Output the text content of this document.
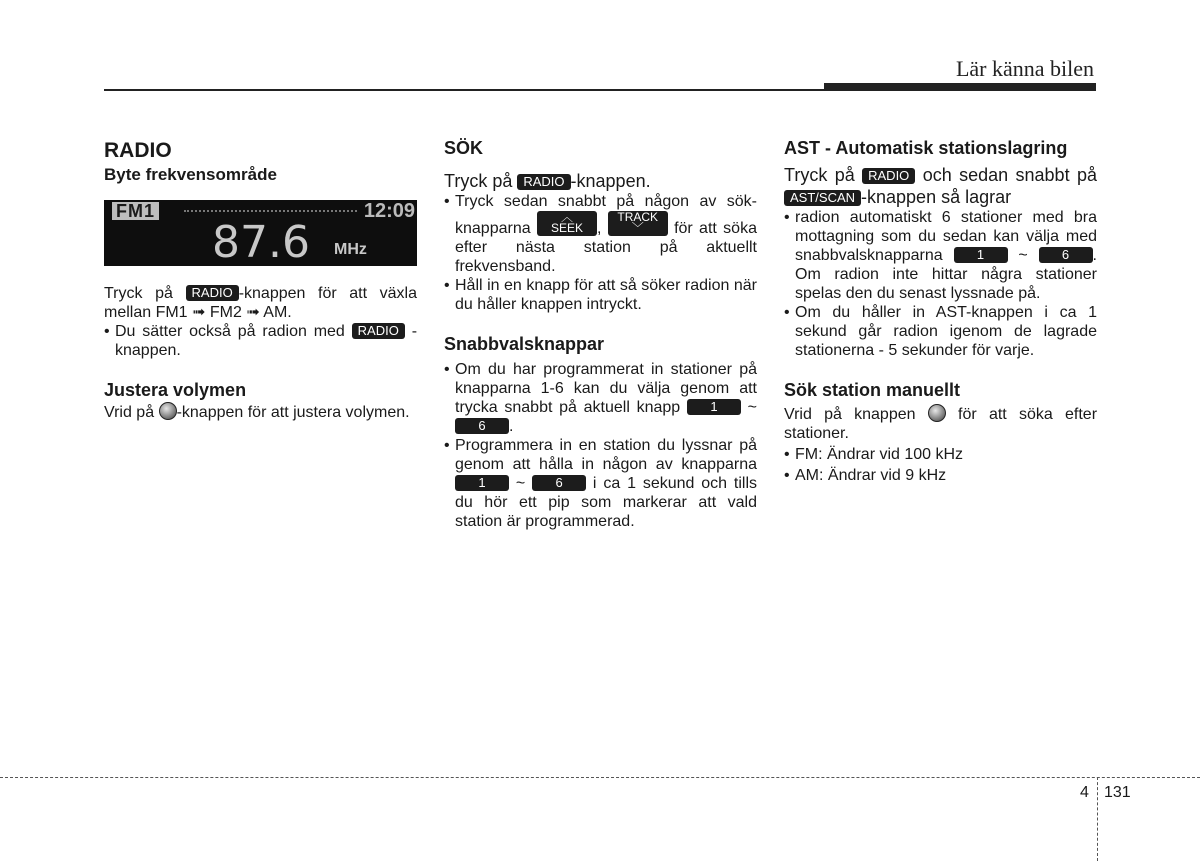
Lär känna bilen
RADIO
Byte frekvensområde
FM1	12:09
87.6 MHz

Tryck på RADIO -knappen för att växla mellan FM1 ➟ FM2 ➟ AM.

• Du sätter också på radion med RADIO -knappen.
Justera volymen

Vrid på -knappen för att justera volymen.

SÖK

Tryck på RADIO -knappen.

• Tryck sedan snabbt på någon av sök-knapparna ︿
SEEK , TRACK
﹀ för att söka efter nästa station på aktuellt frekvensband.
• Håll in en knapp för att så söker radion när du håller knappen intryckt.
Snabbvalsknappar
• Om du har programmerat in stationer på knapparna 1-6 kan du välja genom att trycka snabbt på aktuell knapp 1 ~ 6 .
• Programmera in en station du lyssnar på genom att hålla in någon av knapparna 1 ~ 6 i ca 1 sekund och tills du hör ett pip som markerar att vald station är programmerad.
AST - Automatisk stationslagring

Tryck på RADIO och sedan snabbt på AST/SCAN -knappen så lagrar

• radion automatiskt 6 stationer med bra mottagning som du sedan kan välja med snabbvalsknapparna	1 ~	6 . Om radion inte hittar några stationer spelas den du senast lyssnade på.
• Om du håller in AST-knappen i ca 1 sekund går radion igenom de lagrade stationerna - 5 sekunder för varje.
Sök station manuellt

Vrid på knappen	för att söka efter stationer.

• FM: Ändrar vid 100 kHz
• AM: Ändrar vid 9 kHz
4 131
